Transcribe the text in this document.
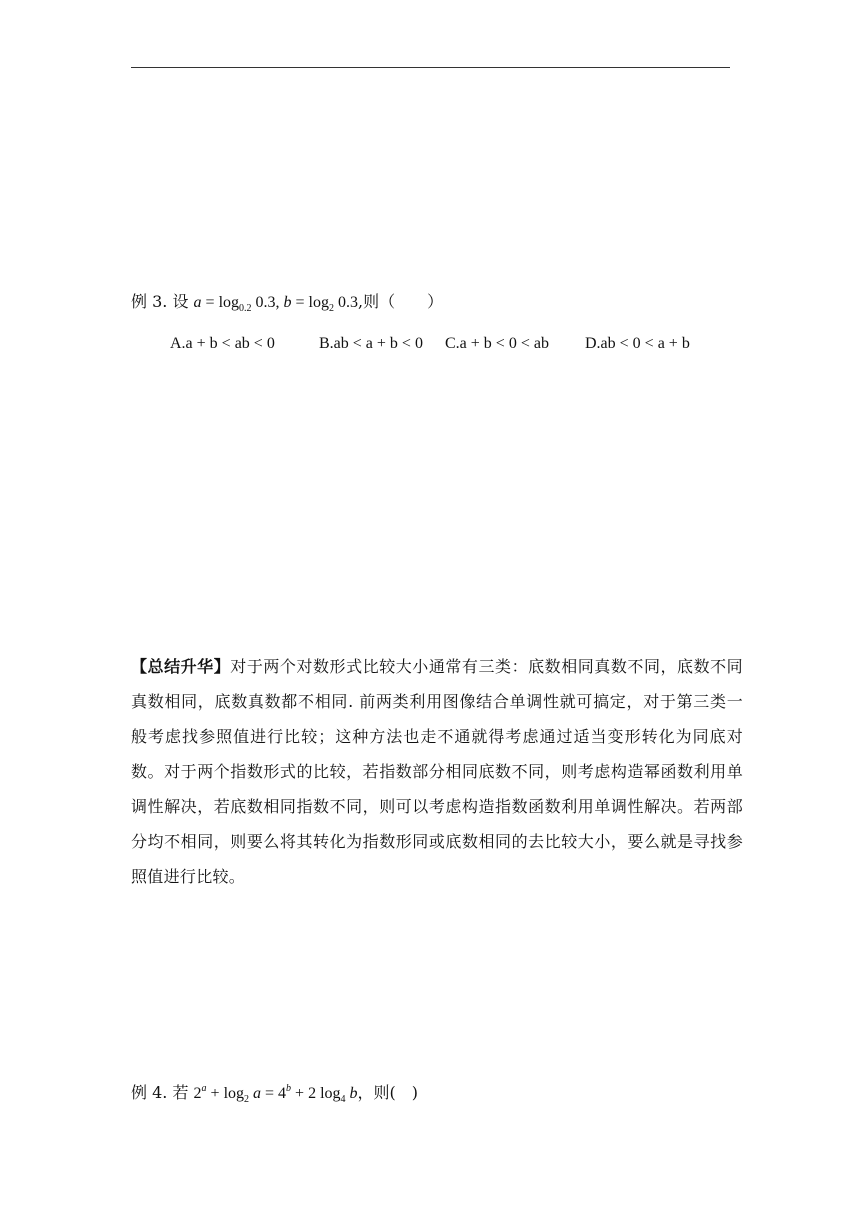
例 3. 设 $a = \log_{0.2} 0.3$, $b = \log_2 0.3$,则（　　）
A.a + b < ab < 0	B.ab < a + b < 0 C.a + b < 0 < ab D.ab < 0 < a + b
【总结升华】对于两个对数形式比较大小通常有三类：底数相同真数不同，底数不同真数相同，底数真数都不相同. 前两类利用图像结合单调性就可搞定，对于第三类一般考虑找参照值进行比较；这种方法也走不通就得考虑通过适当变形转化为同底对数。对于两个指数形式的比较，若指数部分相同底数不同，则考虑构造幂函数利用单调性解决，若底数相同指数不同，则可以考虑构造指数函数利用单调性解决。若两部分均不相同，则要么将其转化为指数形同或底数相同的去比较大小，要么就是寻找参照值进行比较。
例 4. 若 $2^a + \log_2 a = 4^b + 2$ $\log_4 b$，则(　)
